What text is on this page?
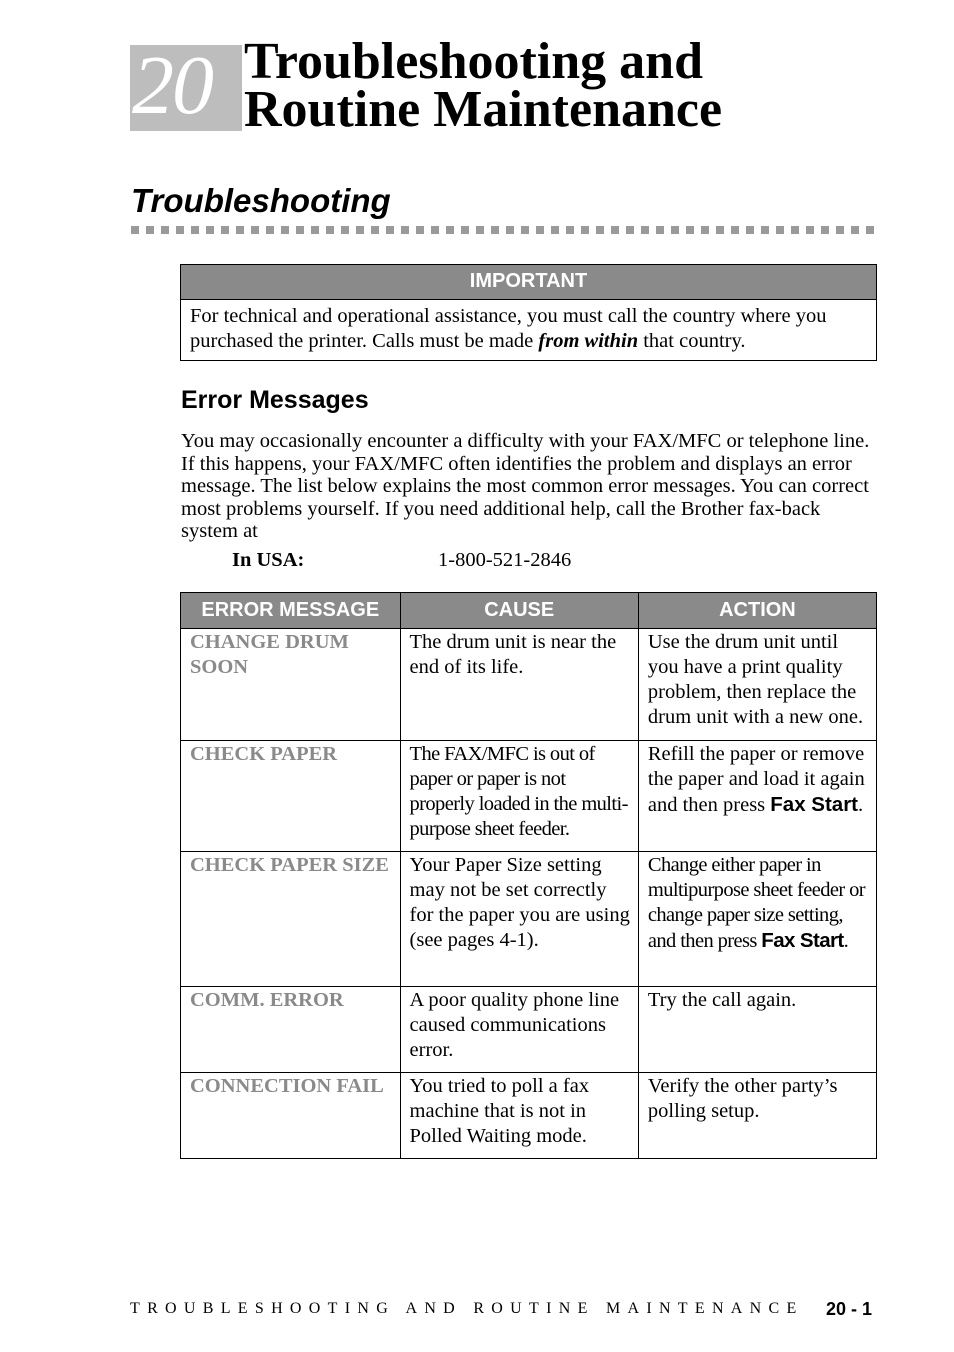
20 Troubleshooting and
Routine Maintenance
Troubleshooting
IMPORTANT
For technical and operational assistance, you must call the country where you purchased the printer. Calls must be made from within that country.
Error Messages

You may occasionally encounter a difficulty with your FAX/MFC or telephone line. If this happens, your FAX/MFC often identifies the problem and displays an error message. The list below explains the most common error messages. You can correct most problems yourself. If you need additional help, call the Brother fax-back system at

In USA:	1-800-521-2846
ERROR MESSAGE	CAUSE	ACTION
CHANGE DRUM SOON	The drum unit is near the end of its life.	Use the drum unit until you have a print quality problem, then replace the drum unit with a new one.
CHECK PAPER	The FAX/MFC is out of paper or paper is not properly loaded in the multi-purpose sheet feeder.	Refill the paper or remove the paper and load it again and then press Fax Start.
CHECK PAPER SIZE	Your Paper Size setting may not be set correctly for the paper you are using (see pages 4-1).	Change either paper in multipurpose sheet feeder or change paper size setting, and then press Fax Start.
COMM. ERROR	A poor quality phone line caused communications error.	Try the call again.
CONNECTION FAIL	You tried to poll a fax machine that is not in Polled Waiting mode.	Verify the other party’s polling setup.
TROUBLESHOOTING AND ROUTINE MAINTENANCE 20 - 1
